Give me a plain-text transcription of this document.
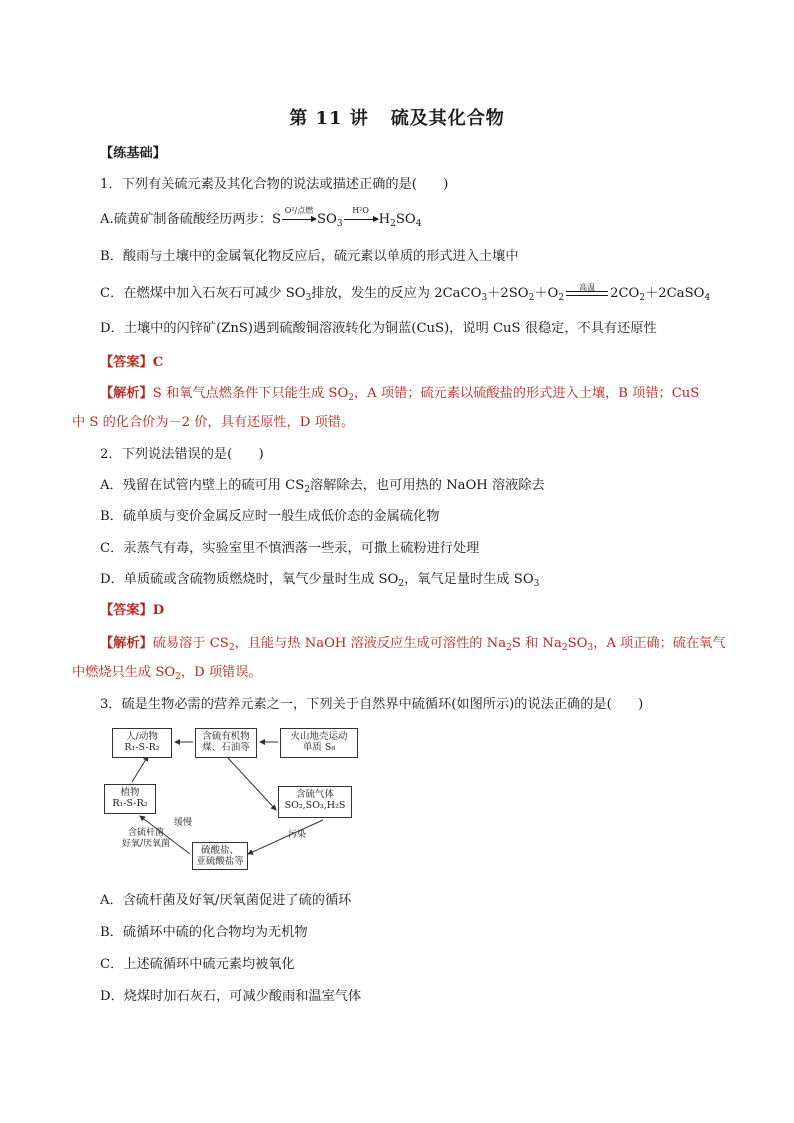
第 11 讲 硫及其化合物
【练基础】
1．下列有关硫元素及其化合物的说法或描述正确的是(　　)
A.硫黄矿制备硫酸经历两步：S
O²/点燃
$SO_3$
H²O
$H_2SO_4$
B．酸雨与土壤中的金属氧化物反应后，硫元素以单质的形式进入土壤中
C．在燃煤中加入石灰石可减少 $SO_3$排放，发生的反应为 $2CaCO_3+2SO_2+O_2$
高温	$2CO_2+2CaSO_4$
D．土壤中的闪锌矿(ZnS)遇到硫酸铜溶液转化为铜蓝(CuS)，说明 CuS 很稳定，不具有还原性
【答案】C
【解析】S 和氧气点燃条件下只能生成 $SO_2$，A 项错；硫元素以硫酸盐的形式进入土壤，B 项错；CuS
中 S 的化合价为－2 价，具有还原性，D 项错。
2．下列说法错误的是(　　)
A．残留在试管内壁上的硫可用 $CS_2$溶解除去，也可用热的 NaOH 溶液除去
B．硫单质与变价金属反应时一般生成低价态的金属硫化物
C．汞蒸气有毒，实验室里不慎洒落一些汞，可撒上硫粉进行处理
D．单质硫或含硫物质燃烧时，氧气少量时生成 $SO_2$，氧气足量时生成 $SO_3$
【答案】D
【解析】硫易溶于 $CS_2$，且能与热 NaOH 溶液反应生成可溶性的 $Na_2S$ 和 $Na_2SO_3$，A 项正确；硫在氧气
中燃烧只生成 $SO_2$，D 项错误。
3．硫是生物必需的营养元素之一，下列关于自然界中硫循环(如图所示)的说法正确的是(　　)
人/动物
R₁-S-R₂
含硫有机物
煤、石油等
火山地壳运动
单质 S₈
植物
R₁-S-R₂
含硫气体
SO₂,SO₃,H₂S
硫酸盐、
亚硫酸盐等
缓慢
含硫杆菌
好氧/厌氧菌
污染
A．含硫杆菌及好氧/厌氧菌促进了硫的循环
B．硫循环中硫的化合物均为无机物
C．上述硫循环中硫元素均被氧化
D．烧煤时加石灰石，可减少酸雨和温室气体
